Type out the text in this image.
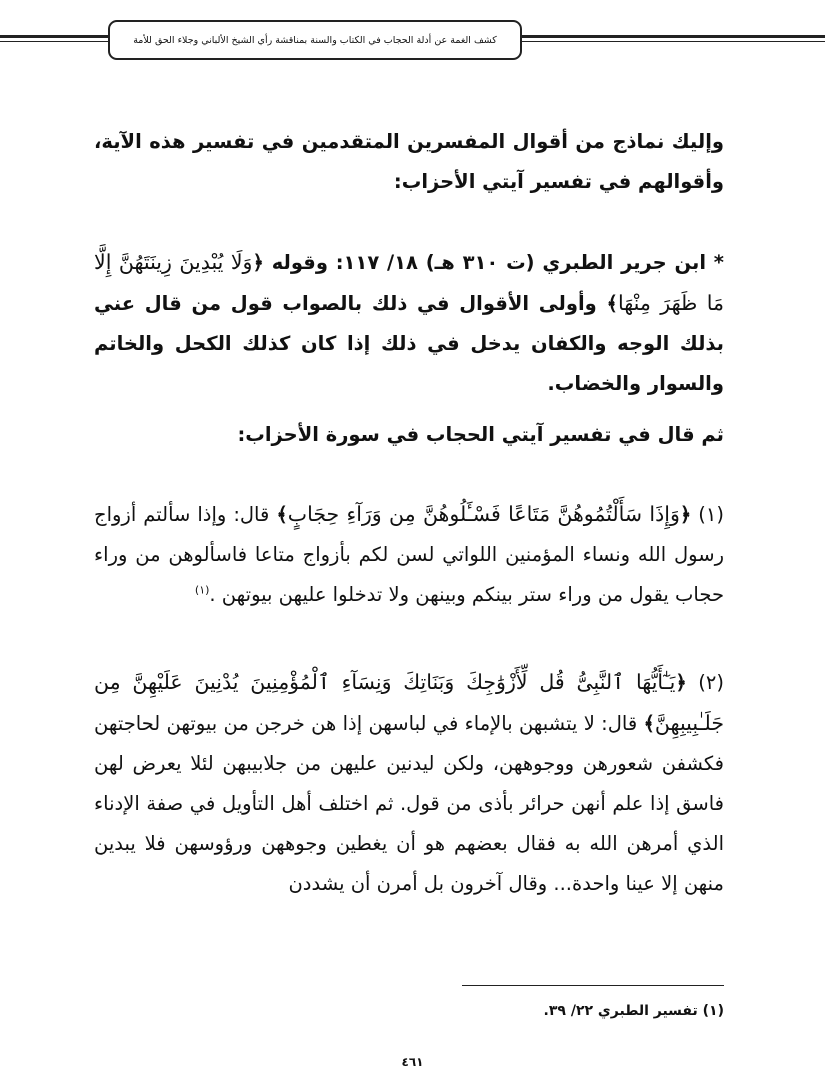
كشف الغمة عن أدلة الحجاب في الكتاب والسنة بمناقشة رأي الشيخ الألباني وجلاء الحق للأمة

وإليك نماذج من أقوال المفسرين المتقدمين في تفسير هذه الآية، وأقوالهم في تفسير آيتي الأحزاب:

* ابن جرير الطبري (ت ٣١٠ هـ) ١٨/ ١١٧: وقوله ﴿وَلَا يُبْدِينَ زِينَتَهُنَّ إِلَّا مَا ظَهَرَ مِنْهَا﴾ وأولى الأقوال في ذلك بالصواب قول من قال عني بذلك الوجه والكفان يدخل في ذلك إذا كان كذلك الكحل والخاتم والسوار والخضاب.

ثم قال في تفسير آيتي الحجاب في سورة الأحزاب:

(١) ﴿وَإِذَا سَأَلْتُمُوهُنَّ مَتَاعًا فَسْـَٔلُوهُنَّ مِن وَرَآءِ حِجَابٍ﴾ قال: وإذا سألتم أزواج رسول الله ونساء المؤمنين اللواتي لسن لكم بأزواج متاعا فاسألوهن من وراء حجاب يقول من وراء ستر بينكم وبينهن ولا تدخلوا عليهن بيوتهن .$^{(١)}$

(٢) ﴿يَـٰٓأَيُّهَا ٱلنَّبِىُّ قُل لِّأَزْوَٰجِكَ وَبَنَاتِكَ وَنِسَآءِ ٱلْمُؤْمِنِينَ يُدْنِينَ عَلَيْهِنَّ مِن جَلَـٰبِيبِهِنَّ﴾ قال: لا يتشبهن بالإماء في لباسهن إذا هن خرجن من بيوتهن لحاجتهن فكشفن شعورهن ووجوههن، ولكن ليدنين عليهن من جلابيبهن لئلا يعرض لهن فاسق إذا علم أنهن حرائر بأذى من قول. ثم اختلف أهل التأويل في صفة الإدناء الذي أمرهن الله به فقال بعضهم هو أن يغطين وجوههن ورؤوسهن فلا يبدين منهن إلا عينا واحدة... وقال آخرون بل أمرن أن يشددن

(١) تفسير الطبري ٢٢/ ٣٩.
٤٦١
